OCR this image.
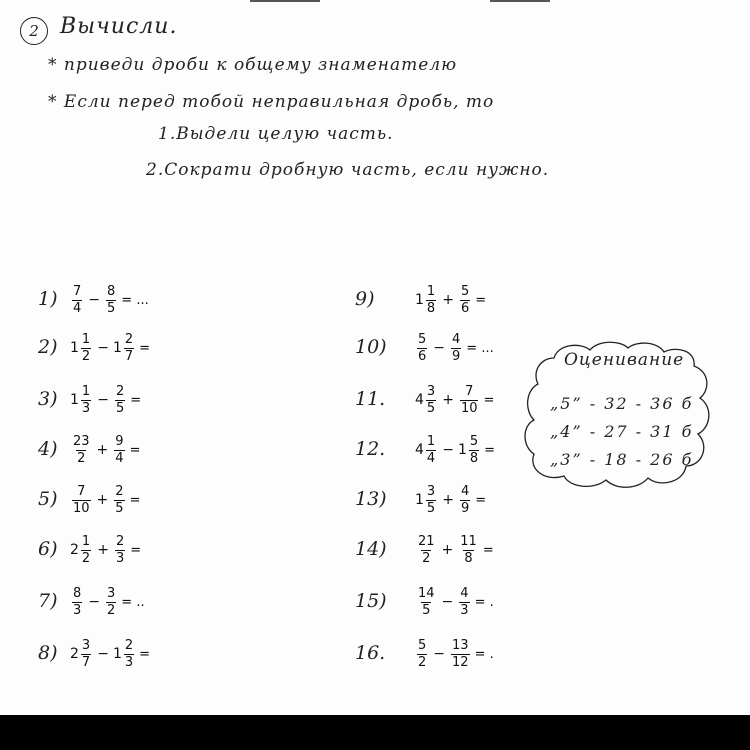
2 Вычисли.
* приведи дроби к общему знаменателю
* Если перед тобой неправильная дробь, то
1.Выдели целую часть.
2.Сократи дробную часть, если нужно.
$1) \frac{7}{4} - \frac{8}{5}$ = ...
2) $1 \frac{1}{2} - 1 \frac{2}{7}$ =
3) $1 \frac{1}{3} - \frac{2}{5}$ =
$4) \frac{23}{2} + \frac{9}{4}$ =
$5) \frac{7}{10} + \frac{2}{5}$ =
6) $2 \frac{1}{2} + \frac{2}{3}$ =
$7) \frac{8}{3} - \frac{3}{2}$ = ..
8) $2 \frac{3}{7} - 1 \frac{2}{3}$ =
9)	$1 \frac{1}{8} + \frac{5}{6}$ =
$10) \frac{5}{6} - \frac{4}{9}$ = ...
11. $4 \frac{3}{5} + \frac{7}{10}$ =
12. $4 \frac{1}{4} - 1 \frac{5}{8}$ =
13) $1 \frac{3}{5} + \frac{4}{9}$ =
$14) \frac{21}{2} + \frac{11}{8}$ =
$15) \frac{14}{5} - \frac{4}{3}$ = .
16. $\frac{5}{2} - \frac{13}{12}$ = .
Оценивание
„5” - 32 - 36 б
„4” - 27 - 31 б
„3” - 18 - 26 б
